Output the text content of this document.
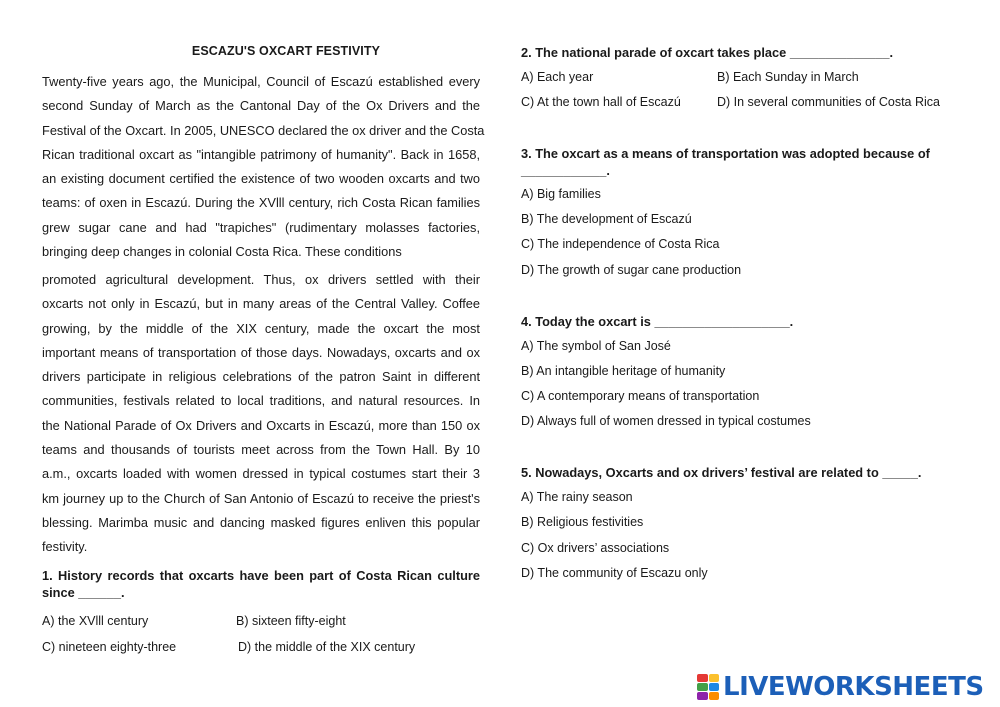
ESCAZU'S OXCART FESTIVITY
Twenty-five years ago, the Municipal, Council of Escazú established every
second Sunday of March as the Cantonal Day of the Ox Drivers and the
Festival of the Oxcart. In 2005, UNESCO declared the ox driver and the Costa
Rican traditional oxcart as "intangible patrimony of humanity". Back in 1658,
an existing document certified the existence of two wooden oxcarts and two
teams: of oxen in Escazú. During the XVlll century, rich Costa Rican families
grew sugar cane and had "trapiches" (rudimentary molasses factories,
bringing deep changes in colonial Costa Rica. These conditions
promoted agricultural development. Thus, ox drivers settled with their
oxcarts not only in Escazú, but in many areas of the Central Valley. Coffee
growing, by the middle of the XIX century, made the oxcart the most
important means of transportation of those days. Nowadays, oxcarts and ox
drivers participate in religious celebrations of the patron Saint in different
communities, festivals related to local traditions, and natural resources. In
the National Parade of Ox Drivers and Oxcarts in Escazú, more than 150 ox
teams and thousands of tourists meet across from the Town Hall. By 10
a.m., oxcarts loaded with women dressed in typical costumes start their 3
km journey up to the Church of San Antonio of Escazú to receive the priest's
blessing. Marimba music and dancing masked figures enliven this popular
festivity.
1. History records that oxcarts have been part of Costa Rican culture since ______.
A) the XVlll century	B) sixteen fifty-eight
C) nineteen eighty-three	D) the middle of the XIX century
2. The national parade of oxcart takes place ______________.
A) Each year	B) Each Sunday in March
C) At the town hall of Escazú	D) In several communities of Costa Rica
3. The oxcart as a means of transportation was adopted because of ____________.
A) Big families
B) The development of Escazú
C) The independence of Costa Rica
D) The growth of sugar cane production
4. Today the oxcart is ___________________.
A) The symbol of San José
B) An intangible heritage of humanity
C) A contemporary means of transportation
D) Always full of women dressed in typical costumes
5. Nowadays, Oxcarts and ox drivers’ festival are related to _____.
A) The rainy season
B) Religious festivities
C) Ox drivers’ associations
D) The community of Escazu only
LIVEWORKSHEETS
